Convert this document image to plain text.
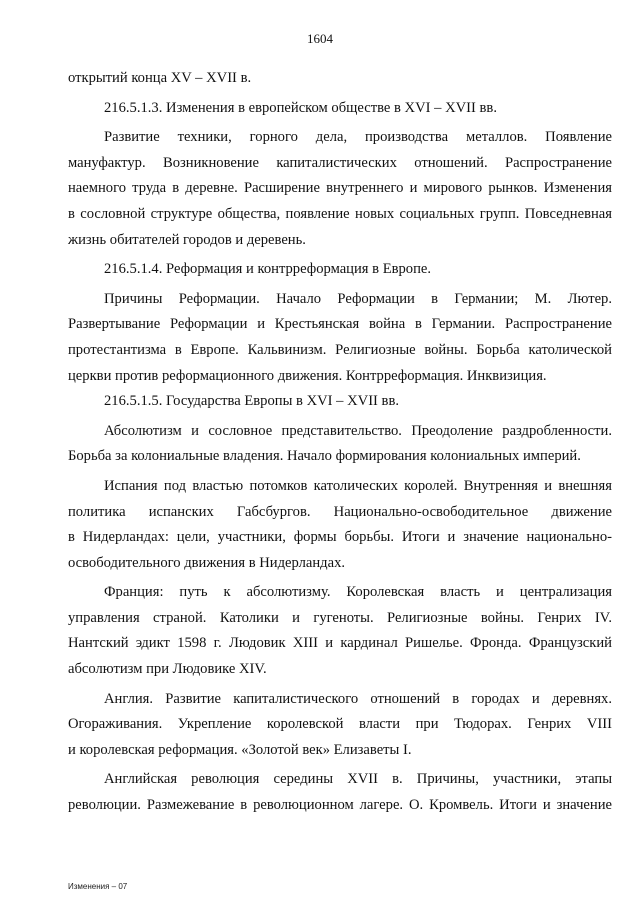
1604
открытий конца XV – XVII в.
216.5.1.3. Изменения в европейском обществе в XVI – XVII вв.
Развитие техники, горного дела, производства металлов. Появление
мануфактур. Возникновение капиталистических отношений. Распространение
наемного труда в деревне. Расширение внутреннего и мирового рынков. Изменения
в сословной структуре общества, появление новых социальных групп. Повседневная
жизнь обитателей городов и деревень.
216.5.1.4. Реформация и контрреформация в Европе.
Причины Реформации. Начало Реформации в Германии; М. Лютер.
Развертывание Реформации и Крестьянская война в Германии. Распространение
протестантизма в Европе. Кальвинизм. Религиозные войны. Борьба католической
церкви против реформационного движения. Контрреформация. Инквизиция.
216.5.1.5. Государства Европы в XVI – XVII вв.
Абсолютизм и сословное представительство. Преодоление раздробленности.
Борьба за колониальные владения. Начало формирования колониальных империй.
Испания под властью потомков католических королей. Внутренняя и внешняя
политика испанских Габсбургов. Национально-освободительное движение
в Нидерландах: цели, участники, формы борьбы. Итоги и значение национально-
освободительного движения в Нидерландах.
Франция: путь к абсолютизму. Королевская власть и централизация
управления страной. Католики и гугеноты. Религиозные войны. Генрих IV.
Нантский эдикт 1598 г. Людовик XIII и кардинал Ришелье. Фронда. Французский
абсолютизм при Людовике XIV.
Англия. Развитие капиталистического отношений в городах и деревнях.
Огораживания. Укрепление королевской власти при Тюдорах. Генрих VIII
и королевская реформация. «Золотой век» Елизаветы I.
Английская революция середины XVII в. Причины, участники, этапы
революции. Размежевание в революционном лагере. О. Кромвель. Итоги и значение
Изменения – 07
